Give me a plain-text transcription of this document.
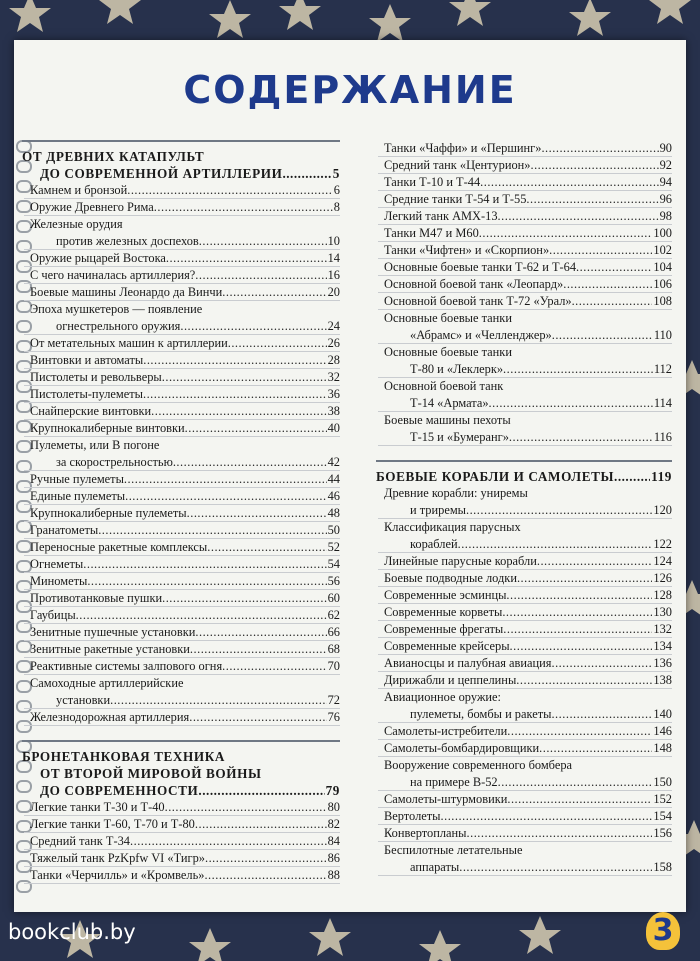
СОДЕРЖАНИЕ
ОТ ДРЕВНИХ КАТАПУЛЬТ
ДО СОВРЕМЕННОЙ АРТИЛЛЕРИИ .....	5
Камнем и бронзой .....	6
Оружие Древнего Рима .....	8
Железные орудия
против железных доспехов .....	10
Оружие рыцарей Востока .....	14
С чего начиналась артиллерия? .....	16
Боевые машины Леонардо да Винчи .....	20
Эпоха мушкетеров — появление
огнестрельного оружия .....	24
От метательных машин к артиллерии .....	26
Винтовки и автоматы .....	28
Пистолеты и револьверы .....	32
Пистолеты-пулеметы .....	36
Снайперские винтовки .....	38
Крупнокалиберные винтовки .....	40
Пулеметы, или В погоне
за скорострельностью .....	42
Ручные пулеметы .....	44
Единые пулеметы .....	46
Крупнокалиберные пулеметы .....	48
Гранатометы .....	50
Переносные ракетные комплексы .....	52
Огнеметы .....	54
Минометы .....	56
Противотанковые пушки .....	60
Гаубицы .....	62
Зенитные пушечные установки .....	66
Зенитные ракетные установки .....	68
Реактивные системы залпового огня .....	70
Самоходные артиллерийские
установки .....	72
Железнодорожная артиллерия .....	76
БРОНЕТАНКОВАЯ ТЕХНИКА
ОТ ВТОРОЙ МИРОВОЙ ВОЙНЫ
ДО СОВРЕМЕННОСТИ .....	79
Легкие танки Т-30 и Т-40 .....	80
Легкие танки Т-60, Т-70 и Т-80 .....	82
Средний танк Т-34 .....	84
Тяжелый танк PzKpfw VI «Тигр» .....	86
Танки «Черчилль» и «Кромвель» .....	88
Танки «Чаффи» и «Першинг» .....	90
Средний танк «Центурион» .....	92
Танки Т-10 и Т-44 .....	94
Средние танки Т-54 и Т-55 .....	96
Легкий танк AMX-13 .....	98
Танки М47 и М60 .....	100
Танки «Чифтен» и «Скорпион» .....	102
Основные боевые танки Т-62 и Т-64 .....	104
Основной боевой танк «Леопард» .....	106
Основной боевой танк Т-72 «Урал» .....	108
Основные боевые танки
«Абрамс» и «Челленджер» .....	110
Основные боевые танки
Т-80 и «Леклерк» .....	112
Основной боевой танк
Т-14 «Армата» .....	114
Боевые машины пехоты
Т-15 и «Бумеранг» .....	116
БОЕВЫЕ КОРАБЛИ И САМОЛЕТЫ .....	119
Древние корабли: униремы
и триремы .....	120
Классификация парусных
кораблей .....	122
Линейные парусные корабли .....	124
Боевые подводные лодки .....	126
Современные эсминцы .....	128
Современные корветы .....	130
Современные фрегаты .....	132
Современные крейсеры .....	134
Авианосцы и палубная авиация .....	136
Дирижабли и цеппелины .....	138
Авиационное оружие:
пулеметы, бомбы и ракеты .....	140
Самолеты-истребители .....	146
Самолеты-бомбардировщики .....	148
Вооружение современного бомбера
на примере B-52 .....	150
Самолеты-штурмовики .....	152
Вертолеты .....	154
Конвертопланы .....	156
Беспилотные летательные
аппараты .....	158
bookclub.by	3
